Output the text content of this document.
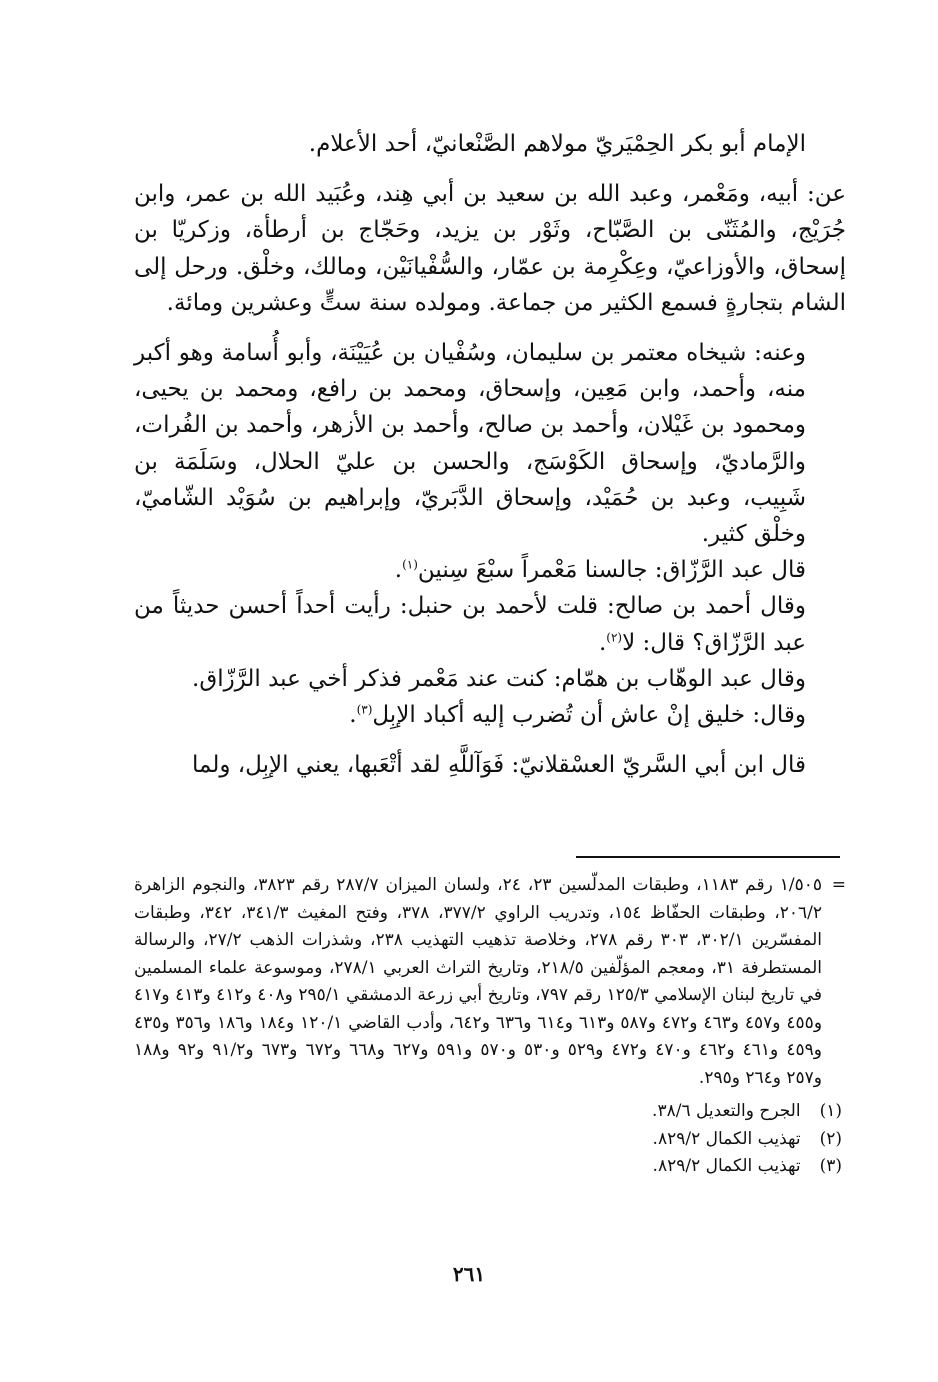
الإمام أبو بكر الحِمْيَريّ مولاهم الصَّنْعانيّ، أحد الأعلام.

عن: أبيه، ومَعْمر، وعبد الله بن سعيد بن أبي هِند، وعُبَيد الله بن عمر، وابن جُرَيْج، والمُثَنّى بن الصَّبّاح، وثَوْر بن يزيد، وحَجّاج بن أرطأة، وزكريّا بن إسحاق، والأوزاعيّ، وعِكْرِمة بن عمّار، والسُّفْيانَيْن، ومالك، وخلْق. ورحل إلى الشام بتجارةٍ فسمع الكثير من جماعة. ومولده سنة ستٍّ وعشرين ومائة.

وعنه: شيخاه معتمر بن سليمان، وسُفْيان بن عُيَيْنَة، وأبو أُسامة وهو أكبر منه، وأحمد، وابن مَعِين، وإسحاق، ومحمد بن رافع، ومحمد بن يحيى، ومحمود بن غَيْلان، وأحمد بن صالح، وأحمد بن الأزهر، وأحمد بن الفُرات، والرَّماديّ، وإسحاق الكَوْسَج، والحسن بن عليّ الحلال، وسَلَمَة بن شَبِيب، وعبد بن حُمَيْد، وإسحاق الدَّبَريّ، وإبراهيم بن سُوَيْد الشّاميّ، وخلْق كثير.

قال عبد الرَّزّاق: جالسنا مَعْمراً سبْعَ سِنين$^{(١)}$.

وقال أحمد بن صالح: قلت لأحمد بن حنبل: رأيت أحداً أحسن حديثاً من عبد الرَّزّاق؟ قال: لا$^{(٢)}$.

وقال عبد الوهّاب بن همّام: كنت عند مَعْمر فذكر أخي عبد الرَّزّاق.

وقال: خليق إنْ عاش أن تُضرب إليه أكباد الإبِل$^{(٣)}$.

قال ابن أبي السَّريّ العسْقلانيّ: فَوَآللَّهِ لقد أتْعَبها، يعني الإبِل، ولما

=
١/٥٠٥ رقم ١١٨٣، وطبقات المدلّسين ٢٣، ٢٤، ولسان الميزان ٢٨٧/٧ رقم ٣٨٢٣، والنجوم الزاهرة ٢٠٦/٢، وطبقات الحفّاظ ١٥٤، وتدريب الراوي ٣٧٧/٢، ٣٧٨، وفتح المغيث ٣٤١/٣، ٣٤٢، وطبقات المفسّرين ٣٠٢/١، ٣٠٣ رقم ٢٧٨، وخلاصة تذهيب التهذيب ٢٣٨، وشذرات الذهب ٢٧/٢، والرسالة المستطرفة ٣١، ومعجم المؤلّفين ٢١٨/٥، وتاريخ التراث العربي ٢٧٨/١، وموسوعة علماء المسلمين في تاريخ لبنان الإسلامي ١٢٥/٣ رقم ٧٩٧، وتاريخ أبي زرعة الدمشقي ٢٩٥/١ و٤٠٨ و٤١٢ و٤١٣ و٤١٧ و٤٥٥ و٤٥٧ و٤٦٣ و٤٧٢ و٥٨٧ و٦١٣ و٦١٤ و٦٣٦ و٦٤٢، وأدب القاضي ١٢٠/١ و١٨٤ و١٨٦ و٣٥٦ و٤٣٥ و٤٥٩ و٤٦١ و٤٦٢ و٤٧٠ و٤٧٢ و٥٢٩ و٥٣٠ و٥٧٠ و٥٩١ و٦٢٧ و٦٦٨ و٦٧٢ و٦٧٣ و٩١/٢ و٩٢ و١٨٨ و٢٥٧ و٢٦٤ و٢٩٥.

(١) الجرح والتعديل ٣٨/٦.

(٢) تهذيب الكمال ٨٢٩/٢.

(٣) تهذيب الكمال ٨٢٩/٢.

٢٦١
